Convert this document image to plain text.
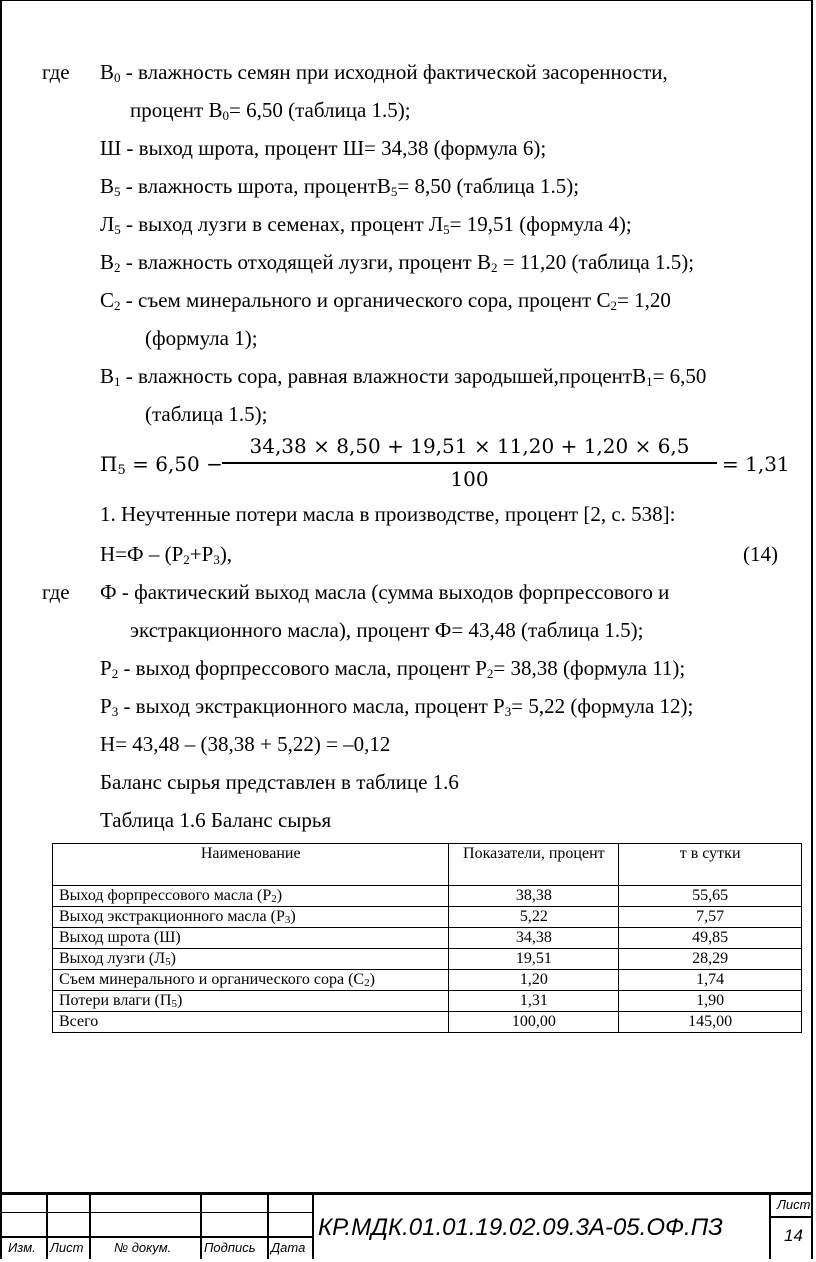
где $В_0$ - влажность семян при исходной фактической засоренности,
процент $В_0= 6,50$ (таблица 1.5);
Ш - выход шрота, процент Ш= 34,38 (формула 6);
$В_5$ - влажность шрота, процентВ$_5$= 8,50 (таблица 1.5);
$Л_5$ - выход лузги в семенах, процент $Л_5= 19,51$ (формула 4);
$В_2$ - влажность отходящей лузги, процент $В_2 = 11,20$ (таблица 1.5);
$С_2$ - съем минерального и органического сора, процент $С_2= 1,20$
(формула 1);
$В_1$ - влажность сора, равная влажности зародышей,процентВ$_1$= 6,50
(таблица 1.5);
$П_5 = 6,50$ −
34,38 × 8,50 + 19,51 × 11,20 + 1,20 × 6,5
100
= 1,31
1. Неучтенные потери масла в производстве, процент [2, с. 538]:
$Н=Ф - (Р_2+Р_3)$,	(14)
где Ф - фактический выход масла (сумма выходов форпрессового и
экстракционного масла), процент Ф= 43,48 (таблица 1.5);
$Р_2$ - выход форпрессового масла, процент $Р_2= 38,38$ (формула 11);
$Р_3$ - выход экстракционного масла, процент $Р_3= 5,22$ (формула 12);
Н= 43,48 – (38,38 + 5,22) = –0,12
Баланс сырья представлен в таблице 1.6
Таблица 1.6 Баланс сырья
Наименование	Показатели, процент	т в сутки
Выход форпрессового масла $(Р_2)$	38,38	55,65
Выход экстракционного масла $(Р_3)$	5,22	7,57
Выход шрота (Ш)	34,38	49,85
Выход лузги $(Л_5)$	19,51	28,29
Съем минерального и органического сора $(С_2)$	1,20	1,74
Потери влаги $(П_5)$	1,31	1,90
Всего	100,00	145,00
Изм. Лист № докум.	Подпись Дата
КР.МДК.01.01.19.02.09.3А-05.ОФ.ПЗ
Лист
14
